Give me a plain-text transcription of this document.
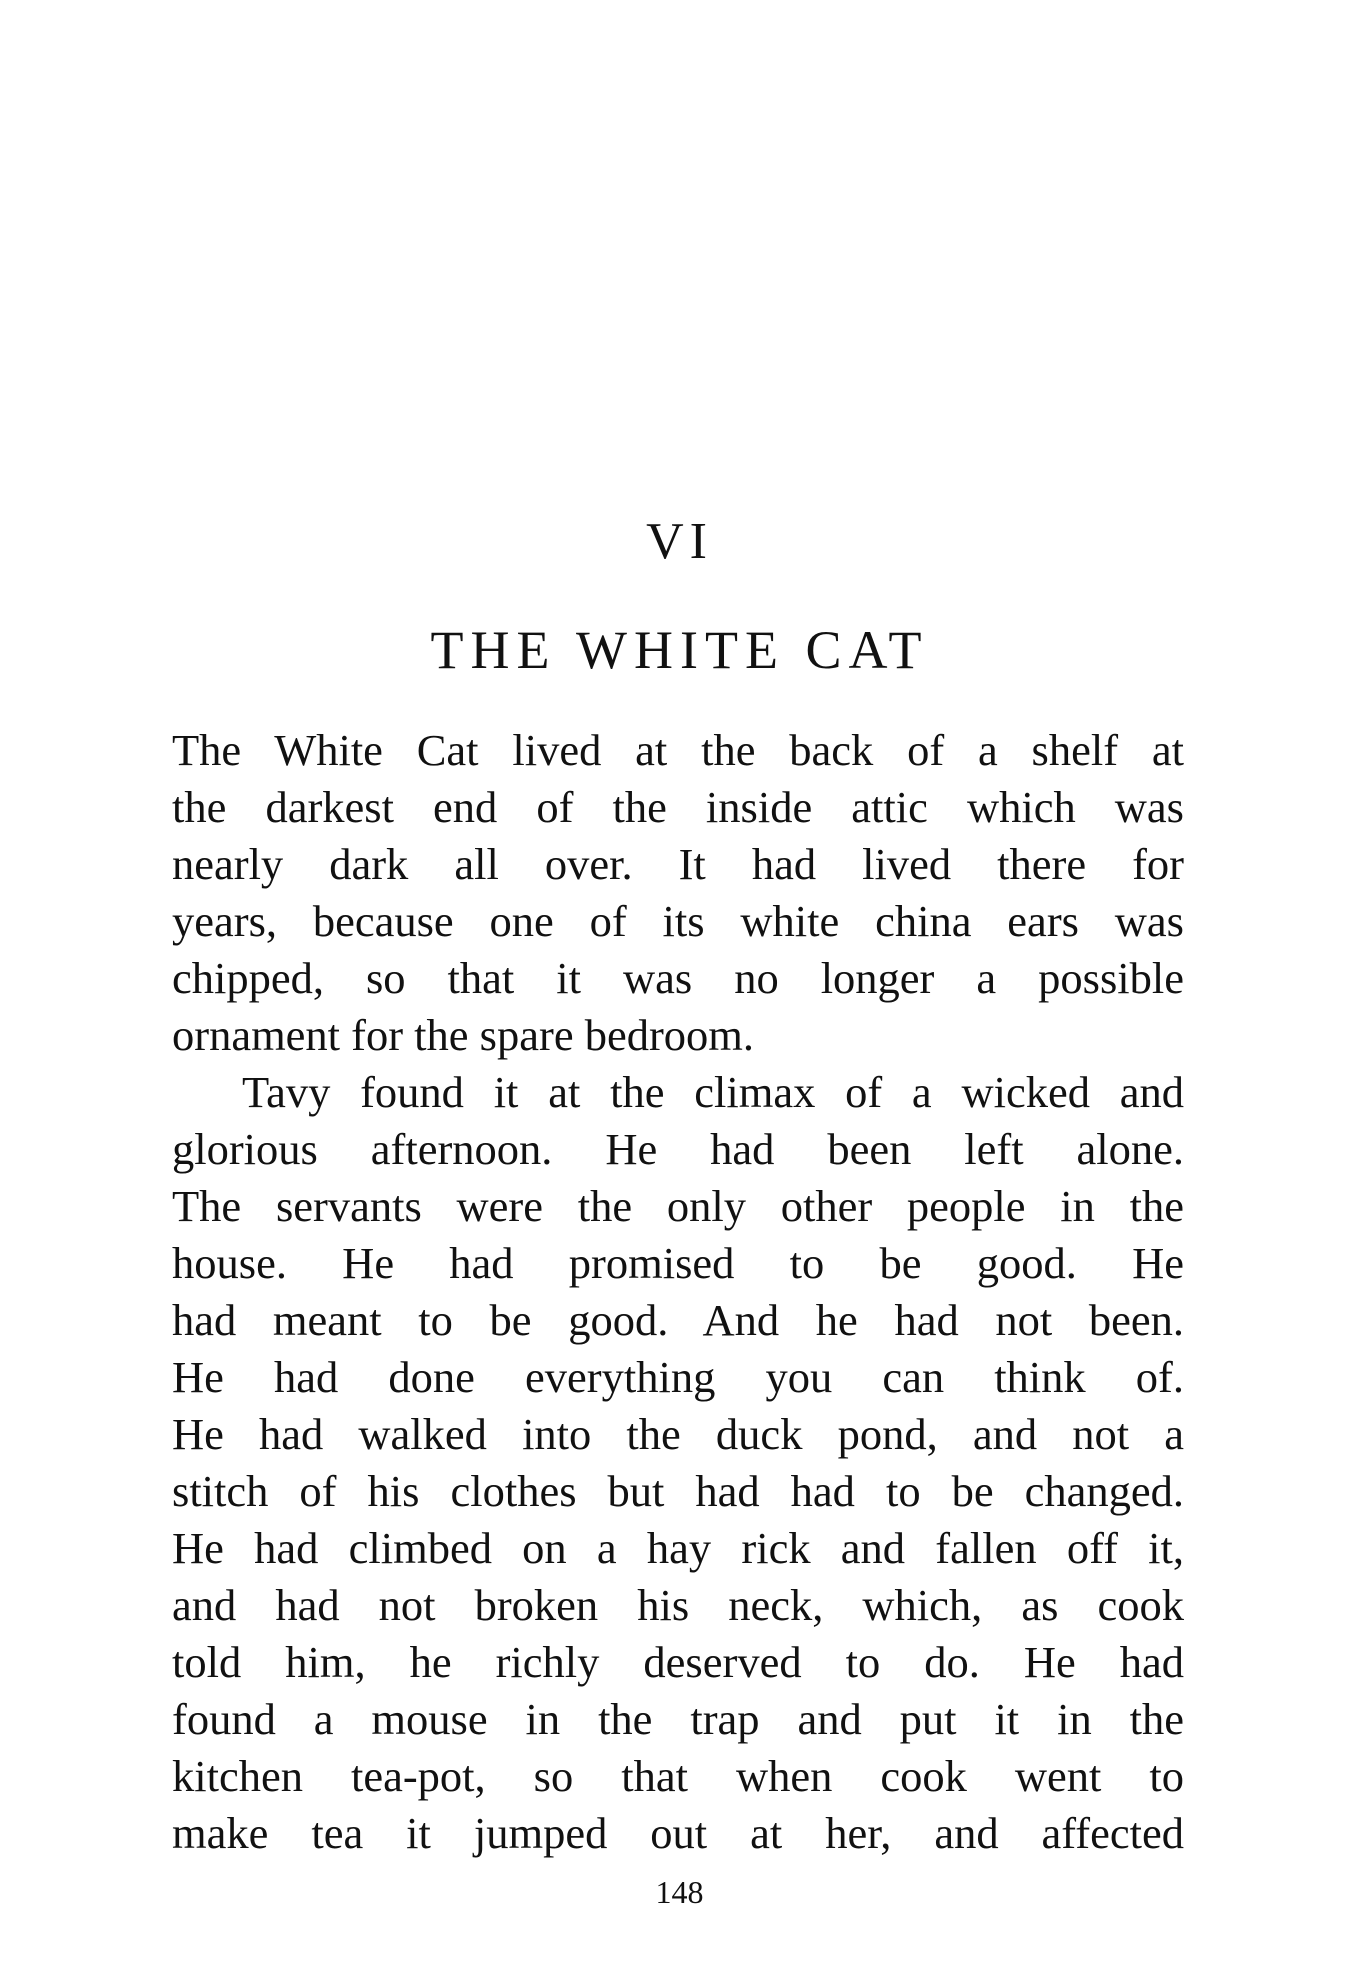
VI
THE WHITE CAT
The White Cat lived at the back of a shelf at
the darkest end of the inside attic which was
nearly dark all over. It had lived there for
years, because one of its white china ears was
chipped, so that it was no longer a possible
ornament for the spare bedroom.
Tavy found it at the climax of a wicked and
glorious afternoon. He had been left alone.
The servants were the only other people in the
house. He had promised to be good. He
had meant to be good. And he had not been.
He had done everything you can think of.
He had walked into the duck pond, and not a
stitch of his clothes but had had to be changed.
He had climbed on a hay rick and fallen off it,
and had not broken his neck, which, as cook
told him, he richly deserved to do. He had
found a mouse in the trap and put it in the
kitchen tea-pot, so that when cook went to
make tea it jumped out at her, and affected
148
